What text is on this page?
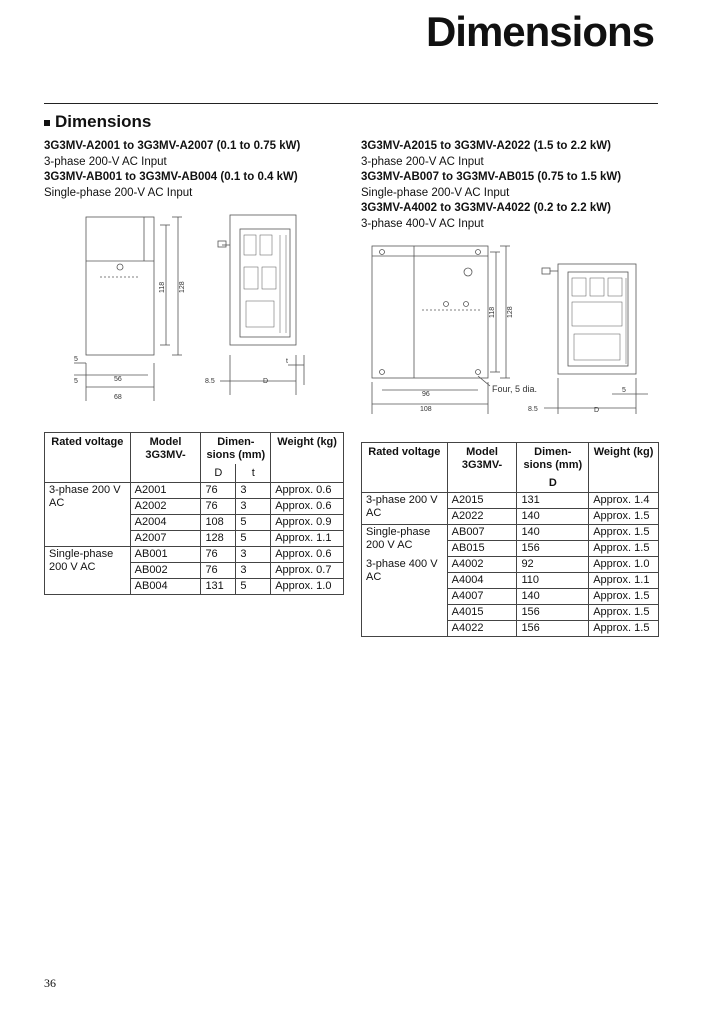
Dimensions
Dimensions
3G3MV-A2001 to 3G3MV-A2007 (0.1 to 0.75 kW)
3-phase 200-V AC Input
3G3MV-AB001 to 3G3MV-AB004 (0.1 to 0.4 kW)
Single-phase 200-V AC Input
3G3MV-A2015 to 3G3MV-A2022 (1.5 to 2.2 kW)
3-phase 200-V AC Input
3G3MV-AB007 to 3G3MV-AB015 (0.75 to 1.5 kW)
Single-phase 200-V AC Input
3G3MV-A4002 to 3G3MV-A4022 (0.2 to 2.2 kW)
3-phase 400-V AC Input
118 128
5
5	56
68
8.5	D
t
118 128
96
108	8.5	D
5
Four, 5 dia.
Rated voltage	Model
3G3MV-	Dimen-
sions (mm)		Weight (kg)
		D	t	
3-phase 200 V AC	A2001	76	3	Approx. 0.6
	A2002	76	3	Approx. 0.6
	A2004	108	5	Approx. 0.9
	A2007	128	5	Approx. 1.1
Single-phase 200 V AC	AB001	76	3	Approx. 0.6
	AB002	76	3	Approx. 0.7
	AB004	131	5	Approx. 1.0
Rated voltage	Model
3G3MV-	Dimen-
sions (mm)	Weight (kg)
		D	
3-phase 200 V AC	A2015	131	Approx. 1.4
	A2022	140	Approx. 1.5
Single-phase 200 V AC	AB007	140	Approx. 1.5
	AB015	156	Approx. 1.5
3-phase 400 V AC	A4002	92	Approx. 1.0
	A4004	110	Approx. 1.1
	A4007	140	Approx. 1.5
	A4015	156	Approx. 1.5
	A4022	156	Approx. 1.5
36
